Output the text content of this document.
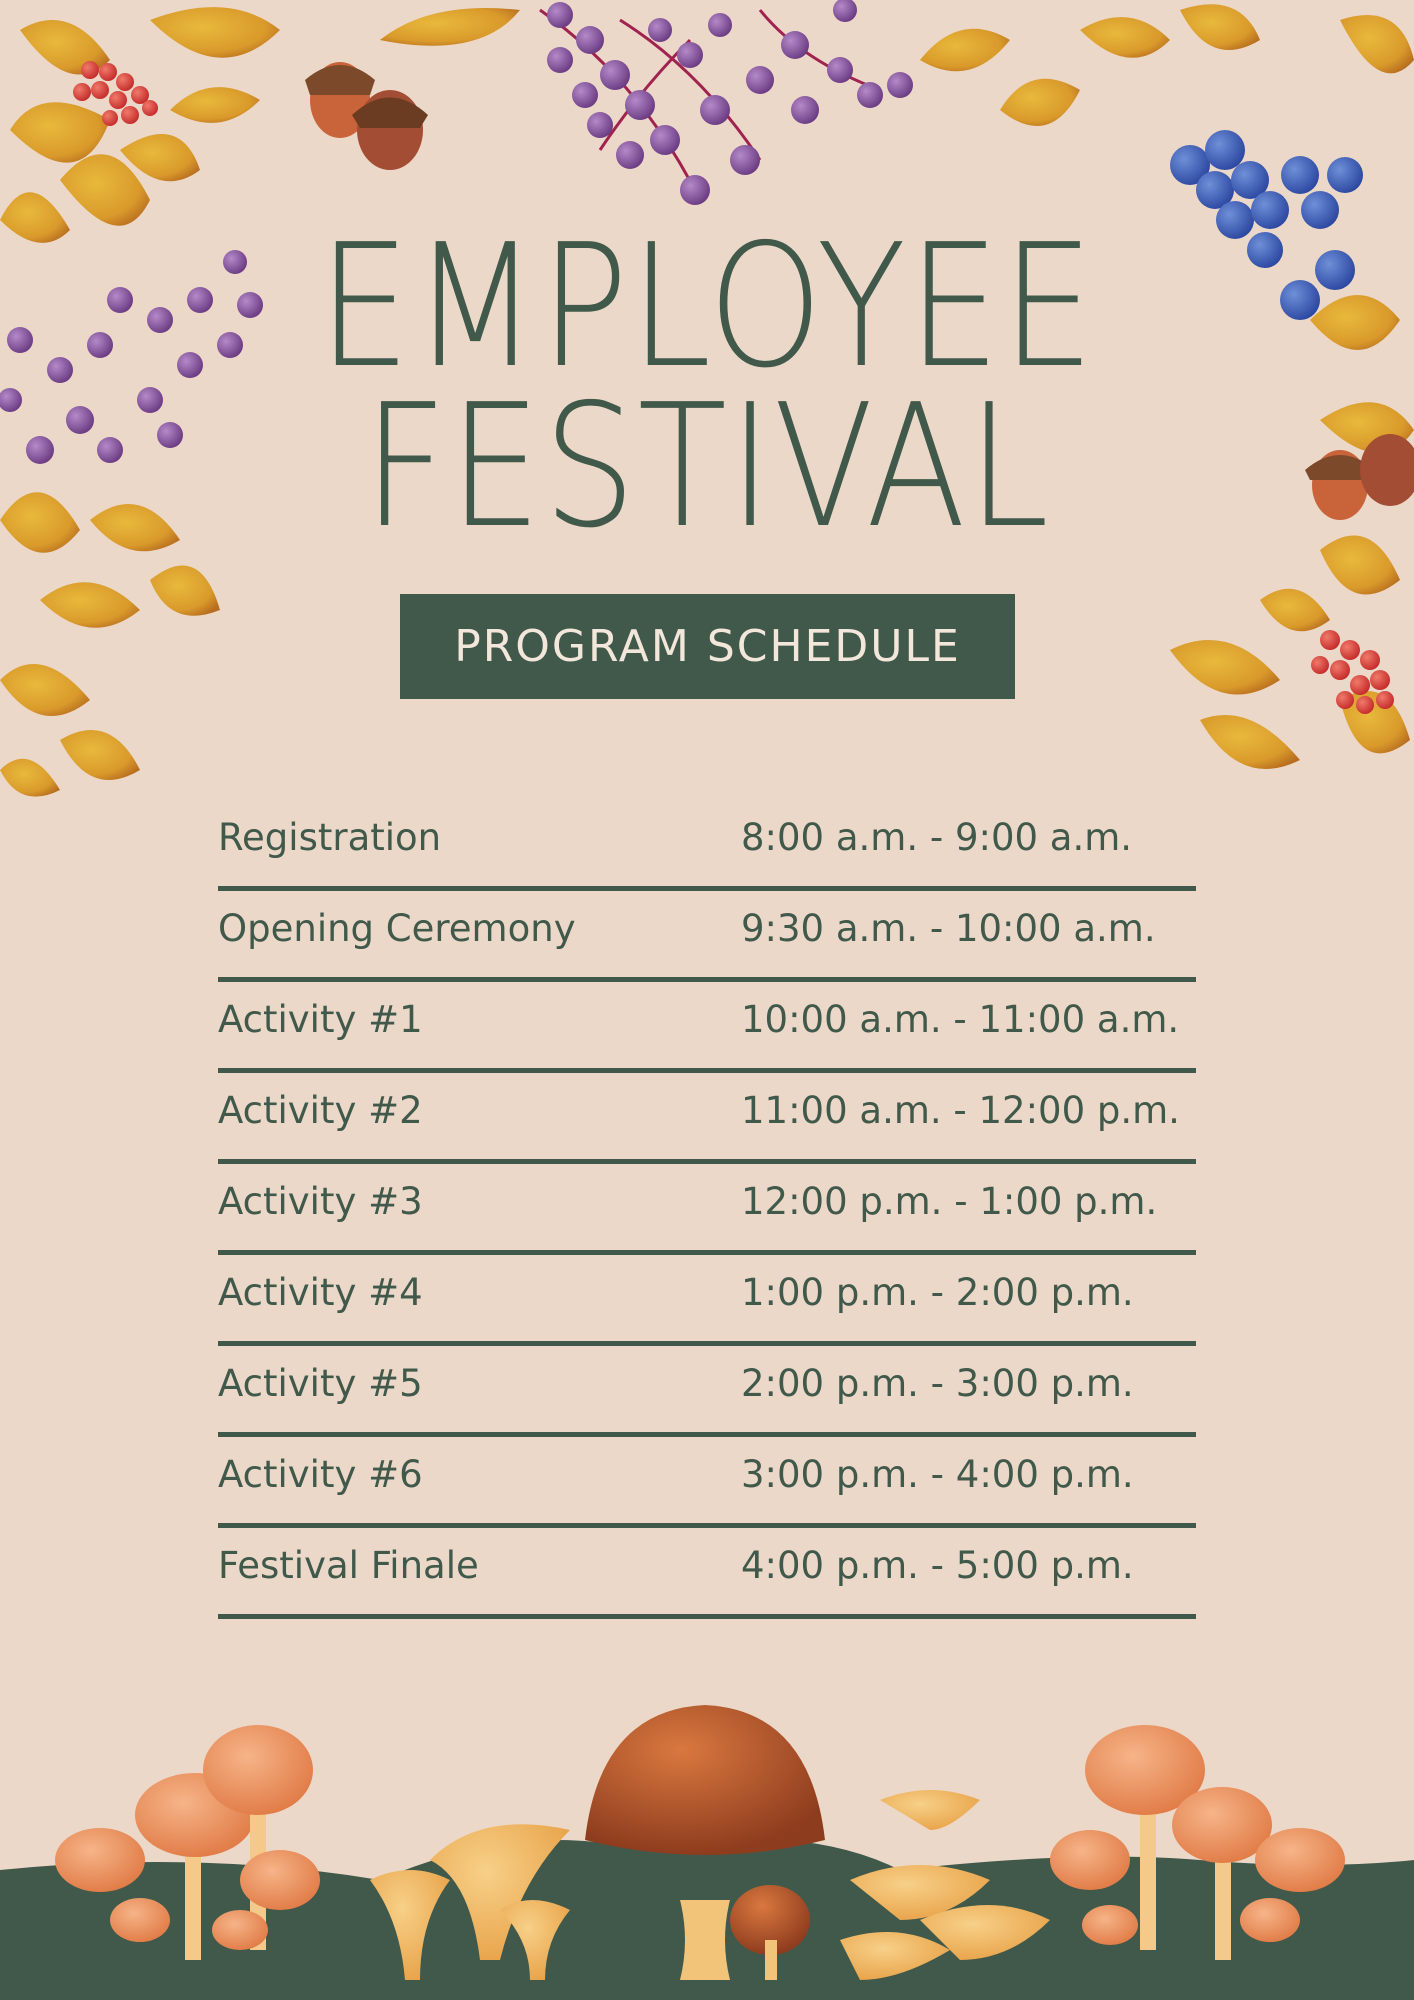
EMPLOYEE
FESTIVAL
PROGRAM SCHEDULE
Registration	8:00 a.m. - 9:00 a.m.
Opening Ceremony	9:30 a.m. - 10:00 a.m.
Activity #1	10:00 a.m. - 11:00 a.m.
Activity #2	11:00 a.m. - 12:00 p.m.
Activity #3	12:00 p.m. - 1:00 p.m.
Activity #4	1:00 p.m. - 2:00 p.m.
Activity #5	2:00 p.m. - 3:00 p.m.
Activity #6	3:00 p.m. - 4:00 p.m.
Festival Finale	4:00 p.m. - 5:00 p.m.
